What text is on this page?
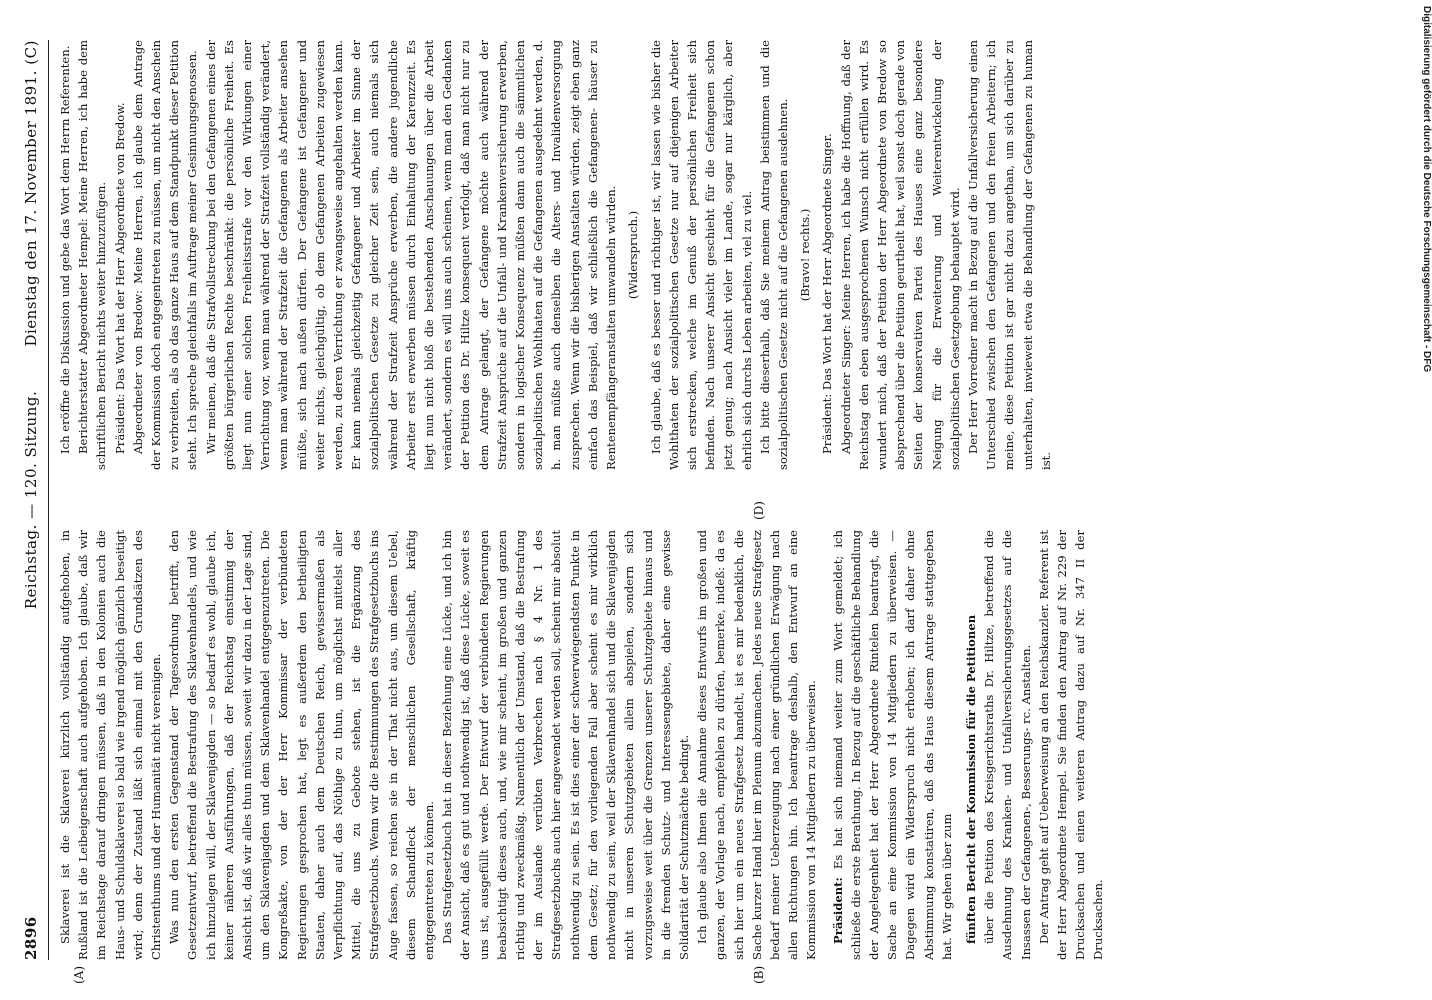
2896
Reichstag. — 120. Sitzung.
(A)	(B)
(D)

Sklaverei ist die Sklaverei kürzlich vollständig aufgehoben, in Rußland ist die Leibeigenschaft auch aufgehoben. Ich glaube, daß wir im Reichstage darauf dringen müssen, daß in den Kolonien auch die Haus- und Schuldsklaverei so bald wie irgend möglich gänzlich beseitigt wird; denn der Zustand läßt sich einmal mit den Grundsätzen des Christenthums und der Humanität nicht vereinigen. Was nun den ersten Gegenstand der Tagesordnung betrifft, den Gesetzentwurf, betreffend die Bestrafung des Sklavenhandels, und wie ich hinzulegen will, der Sklavenjagden — so bedarf es wohl, glaube ich, keiner näheren Ausführungen, daß der Reichstag einstimmig der Ansicht ist, daß wir alles thun müssen, soweit wir dazu in der Lage sind, um den Sklavenjagden und dem Sklavenhandel entgegenzutreten. Die Kongreßakte, von der der Herr Kommissar der verbündeten Regierungen gesprochen hat, legt es außerdem den betheiligten Staaten, daher auch dem Deutschen Reich, gewissermaßen als Verpflichtung auf, das Nöthige zu thun, um möglichst mittelst aller Mittel, die uns zu Gebote stehen, ist die Ergänzung des Strafgesetzbuchs. Wenn wir die Bestimmungen des Strafgesetzbuchs ins Auge fassen, so reichen sie in der That nicht aus, um diesem Uebel, diesem Schandfleck der menschlichen Gesellschaft, kräftig entgegentreten zu können. Das Strafgesetzbuch hat in dieser Beziehung eine Lücke, und ich bin der Ansicht, daß es gut und nothwendig ist, daß diese Lücke, soweit es uns ist, ausgefüllt werde. Der Entwurf der verbündeten Regierungen beabsichtigt dieses auch, und, wie mir scheint, im großen und ganzen richtig und zweckmäßig. Namentlich der Umstand, daß die Bestrafung der im Auslande verübten Verbrechen nach § 4 Nr. 1 des Strafgesetzbuchs auch hier angewendet werden soll, scheint mir absolut nothwendig zu sein. Es ist dies einer der schwerwiegendsten Punkte in dem Gesetz; für den vorliegenden Fall aber scheint es mir wirklich nothwendig zu sein, weil der Sklavenhandel sich und die Sklavenjagden nicht in unseren Schutzgebieten allein abspielen, sondern sich vorzugsweise weit über die Grenzen unserer Schutzgebiete hinaus und in die fremden Schutz- und Interessengebiete, daher eine gewisse Solidarität der Schutzmächte bedingt. Ich glaube also Ihnen die Annahme dieses Entwurfs im großen und ganzen, der Vorlage nach, empfehlen zu dürfen, bemerke, indeß: da es sich hier um ein neues Strafgesetz handelt, ist es mir bedenklich, die Sache kurzer Hand hier im Plenum abzumachen. Jedes neue Strafgesetz bedarf meiner Ueberzeugung nach einer gründlichen Erwägung nach allen Richtungen hin. Ich beantrage deshalb, den Entwurf an eine Kommission von 14 Mitgliedern zu überweisen. Präsident: Es hat sich niemand weiter zum Wort gemeldet; ich schließe die erste Berathung. In Bezug auf die geschäftliche Behandlung der Angelegenheit hat der Herr Abgeordnete Rintelen beantragt, die Sache an eine Kommission von 14 Mitgliedern zu überweisen. — Dagegen wird ein Widerspruch nicht erhoben; ich darf daher ohne Abstimmung konstatiren, daß das Haus diesem Antrage stattgegeben hat. Wir gehen über zum fünften Bericht der Kommission für die Petitionen über die Petition des Kreisgerichtsraths Dr. Hiltze, betreffend die Ausdehnung des Kranken- und Unfallversicherungsgesetzes auf die Insassen der Gefangenen-, Besserungs- rc. Anstalten. Der Antrag geht auf Ueberweisung an den Reichskanzler. Referent ist der Herr Abgeordnete Hempel. Sie finden den Antrag auf Nr. 229 der Drucksachen und einen weiteren Antrag dazu auf Nr. 347 II der Drucksachen.

Ich eröffne die Diskussion und gebe das Wort dem Herrn Referenten. Berichterstatter Abgeordneter Hempel: Meine Herren, ich habe dem schriftlichen Bericht nichts weiter hinzuzufügen. Präsident: Das Wort hat der Herr Abgeordnete von Bredow. Abgeordneter von Bredow: Meine Herren, ich glaube dem Antrage der Kommission doch entgegentreten zu müssen, um nicht den Anschein zu verbreiten, als ob das ganze Haus auf dem Standpunkt dieser Petition steht. Ich spreche gleichfalls im Auftrage meiner Gesinnungsgenossen. Wir meinen, daß die Strafvollstreckung bei den Gefangenen eines der größten bürgerlichen Rechte beschränkt: die persönliche Freiheit. Es liegt nun einer solchen Freiheitsstrafe vor den Wirkungen einer Verrichtung vor, wenn man während der Strafzeit vollständig verändert, wenn man während der Strafzeit die Gefangenen als Arbeiter ansehen müßte, sich nach außen dürfen. Der Gefangene ist Gefangener und weiter nichts, gleichgültig, ob dem Gefangenen Arbeiten zugewiesen werden, zu deren Verrichtung er zwangsweise angehalten werden kann. Er kann niemals gleichzeitig Gefangener und Arbeiter im Sinne der sozialpolitischen Gesetze zu gleicher Zeit sein, auch niemals sich während der Strafzeit Ansprüche erwerben, die andere jugendliche Arbeiter erst erwerben müssen durch Einhaltung der Karenzzeit. Es liegt nun nicht bloß die bestehenden Anschauungen über die Arbeit verändert, sondern es will uns auch scheinen, wenn man den Gedanken der Petition des Dr. Hiltze konsequent verfolgt, daß man nicht nur zu dem Antrage gelangt, der Gefangene möchte auch während der Strafzeit Ansprüche auf die Unfall- und Krankenversicherung erwerben, sondern in logischer Konsequenz müßten dann auch die sämmtlichen sozialpolitischen Wohlthaten auf die Gefangenen ausgedehnt werden, d. h. man müßte auch denselben die Alters- und Invalidenversorgung zusprechen. Wenn wir die bisherigen Anstalten würden, zeigt eben ganz einfach das Beispiel, daß wir schließlich die Gefangenen- häuser zu Rentenempfängeranstalten umwandeln würden. (Widerspruch.) Ich glaube, daß es besser und richtiger ist, wir lassen wie bisher die Wohlthaten der sozialpolitischen Gesetze nur auf diejenigen Arbeiter sich erstrecken, welche im Genuß der persönlichen Freiheit sich befinden. Nach unserer Ansicht geschieht für die Gefangenen schon jetzt genug; nach Ansicht vieler im Lande, sogar nur kärglich, aber ehrlich sich durchs Leben arbeiten, viel zu viel. Ich bitte dieserhalb, daß Sie meinem Antrag beistimmen und die sozialpolitischen Gesetze nicht auf die Gefangenen ausdehnen. (Bravo! rechts.) Präsident: Das Wort hat der Herr Abgeordnete Singer. Abgeordneter Singer: Meine Herren, ich habe die Hoffnung, daß der Reichstag den eben ausgesprochenen Wunsch nicht erfüllen wird. Es wundert mich, daß der Petition der Herr Abgeordnete von Bredow so absprechend über die Petition geurtheilt hat, weil sonst doch gerade von Seiten der konservativen Partei des Hauses eine ganz besondere Neigung für die Erweiterung und Weiterentwickelung der sozialpolitischen Gesetzgebung behauptet wird. Der Herr Vorredner macht in Bezug auf die Unfallversicherung einen Unterschied zwischen den Gefangenen und den freien Arbeitern; ich meine, diese Petition ist gar nicht dazu angethan, um sich darüber zu unterhalten, inwieweit etwa die Behandlung der Gefangenen zu human ist.

Dienstag den 17. November 1891.
(C)	Digitalisierung gefördert durch die Deutsche Forschungsgemeinschaft - DFG
